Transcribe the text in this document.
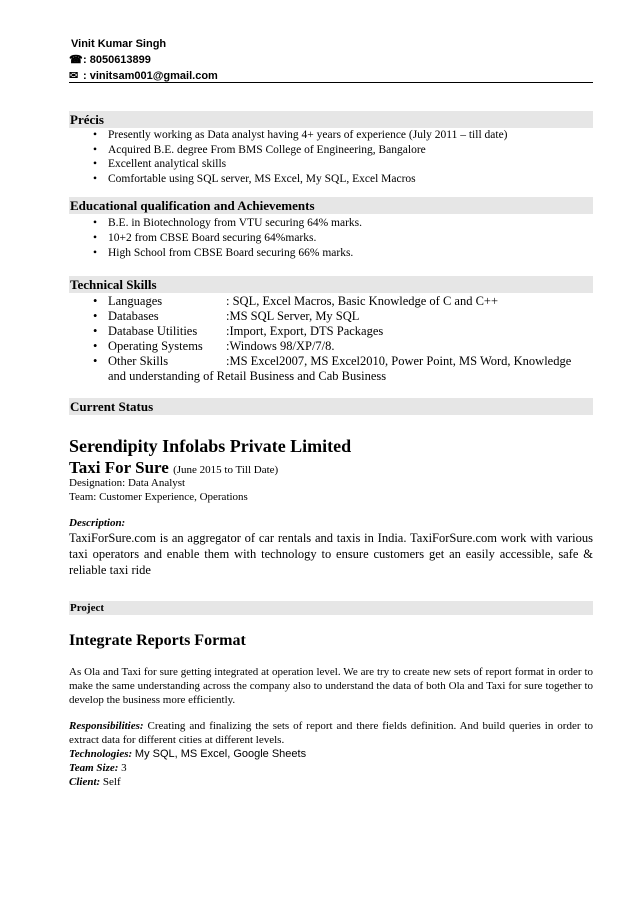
Vinit Kumar Singh
☎ : 8050613899
✉ : vinitsam001@gmail.com
Précis
• Presently working as Data analyst having 4+ years of experience (July 2011 – till date)
• Acquired B.E. degree From BMS College of Engineering, Bangalore
• Excellent analytical skills
• Comfortable using SQL server, MS Excel, My SQL, Excel Macros
Educational qualification and Achievements
• B.E. in Biotechnology from VTU securing 64% marks.
• 10+2 from CBSE Board securing 64%marks.
• High School from CBSE Board securing 66% marks.
Technical Skills
• Languages	: SQL, Excel Macros, Basic Knowledge of C and C++
• Databases	:MS SQL Server, My SQL
• Database Utilities :Import, Export, DTS Packages
• Operating Systems :Windows 98/XP/7/8.
• Other Skills	:MS Excel2007, MS Excel2010, Power Point, MS Word, Knowledge
and understanding of Retail Business and Cab Business
Current Status
Serendipity Infolabs Private Limited
Taxi For Sure (June 2015 to Till Date)
Designation: Data Analyst
Team: Customer Experience, Operations
Description:
TaxiForSure.com is an aggregator of car rentals and taxis in India. TaxiForSure.com work with various taxi operators and enable them with technology to ensure customers get an easily accessible, safe & reliable taxi ride
Project
Integrate Reports Format
As Ola and Taxi for sure getting integrated at operation level. We are try to create new sets of report format in order to make the same understanding across the company also to understand the data of both Ola and Taxi for sure together to develop the business more efficiently.
Responsibilities: Creating and finalizing the sets of report and there fields definition. And build queries in order to extract data for different cities at different levels.
Technologies: My SQL, MS Excel, Google Sheets
Team Size: 3
Client: Self
